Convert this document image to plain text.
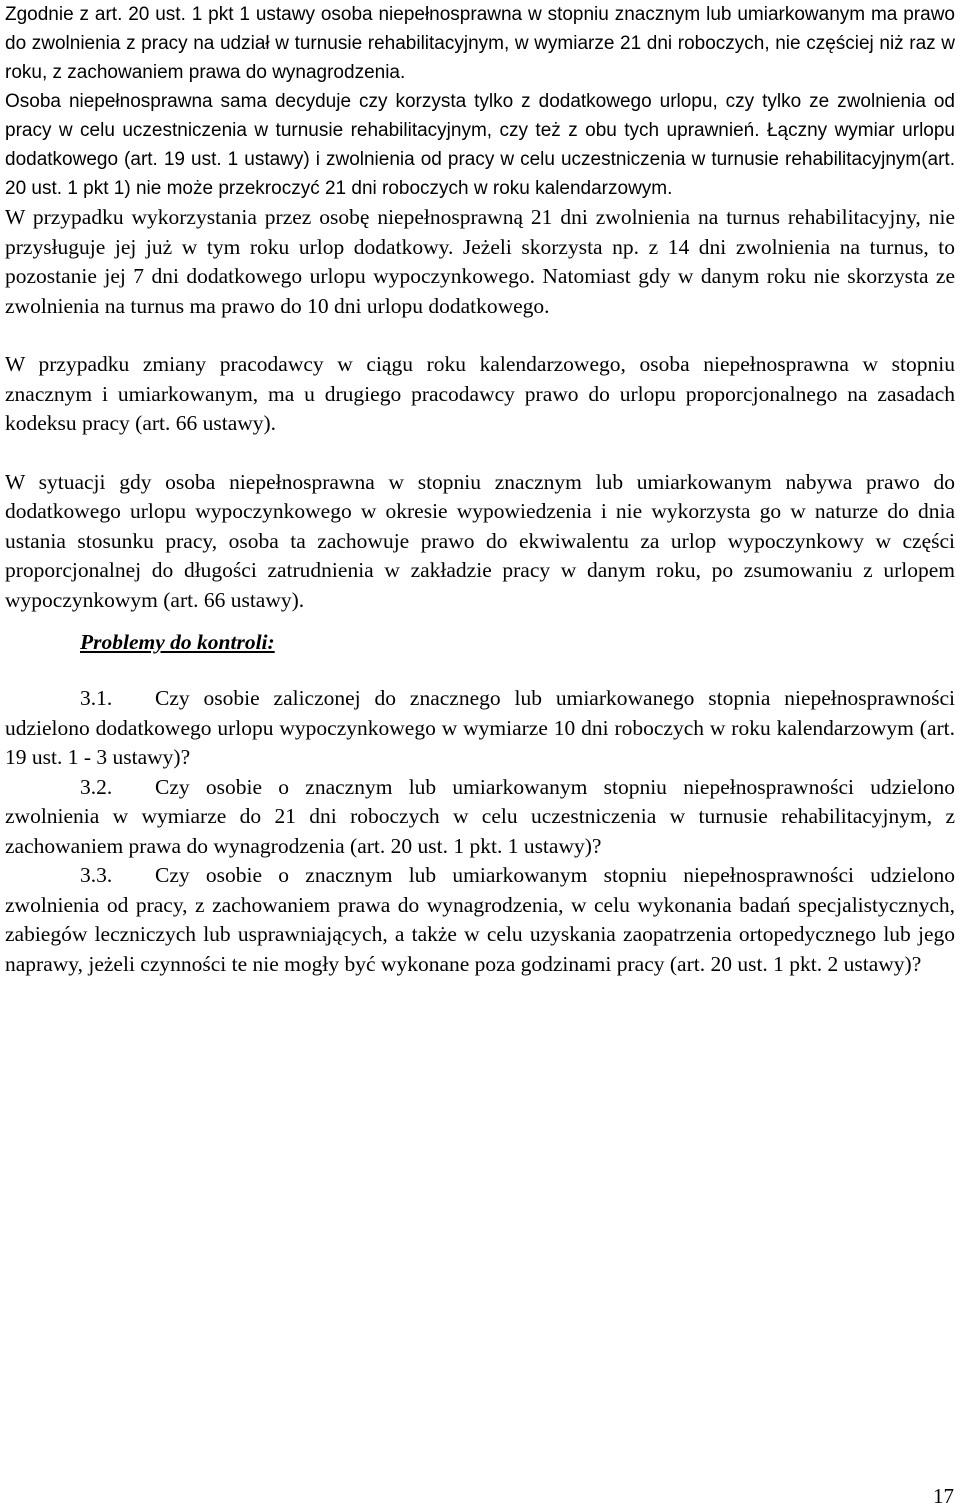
Zgodnie z art. 20 ust. 1 pkt 1 ustawy osoba niepełnosprawna w stopniu znacznym lub umiarkowanym ma prawo do zwolnienia z pracy na udział w turnusie rehabilitacyjnym, w wymiarze 21 dni roboczych, nie częściej niż raz w roku, z zachowaniem prawa do wynagrodzenia.

Osoba niepełnosprawna sama decyduje czy korzysta tylko z dodatkowego urlopu, czy tylko ze zwolnienia od pracy w celu uczestniczenia w turnusie rehabilitacyjnym, czy też z obu tych uprawnień. Łączny wymiar urlopu dodatkowego (art. 19 ust. 1 ustawy) i zwolnienia od pracy w celu uczestniczenia w turnusie rehabilitacyjnym(art. 20 ust. 1 pkt 1) nie może przekroczyć 21 dni roboczych w roku kalendarzowym.

W przypadku wykorzystania przez osobę niepełnosprawną 21 dni zwolnienia na turnus rehabilitacyjny, nie przysługuje jej już w tym roku urlop dodatkowy. Jeżeli skorzysta np. z 14 dni zwolnienia na turnus, to pozostanie jej 7 dni dodatkowego urlopu wypoczynkowego. Natomiast gdy w danym roku nie skorzysta ze zwolnienia na turnus ma prawo do 10 dni urlopu dodatkowego.

W przypadku zmiany pracodawcy w ciągu roku kalendarzowego, osoba niepełnosprawna w stopniu znacznym i umiarkowanym, ma u drugiego pracodawcy prawo do urlopu proporcjonalnego na zasadach kodeksu pracy (art. 66 ustawy).

W sytuacji gdy osoba niepełnosprawna w stopniu znacznym lub umiarkowanym nabywa prawo do dodatkowego urlopu wypoczynkowego w okresie wypowiedzenia i nie wykorzysta go w naturze do dnia ustania stosunku pracy, osoba ta zachowuje prawo do ekwiwalentu za urlop wypoczynkowy w części proporcjonalnej do długości zatrudnienia w zakładzie pracy w danym roku, po zsumowaniu z urlopem wypoczynkowym (art. 66 ustawy).

Problemy do kontroli:

3.1. Czy osobie zaliczonej do znacznego lub umiarkowanego stopnia niepełnosprawności udzielono dodatkowego urlopu wypoczynkowego w wymiarze 10 dni roboczych w roku kalendarzowym (art. 19 ust. 1 - 3 ustawy)?

3.2. Czy osobie o znacznym lub umiarkowanym stopniu niepełnosprawności udzielono zwolnienia w wymiarze do 21 dni roboczych w celu uczestniczenia w turnusie rehabilitacyjnym, z zachowaniem prawa do wynagrodzenia (art. 20 ust. 1 pkt. 1 ustawy)?

3.3. Czy osobie o znacznym lub umiarkowanym stopniu niepełnosprawności udzielono zwolnienia od pracy, z zachowaniem prawa do wynagrodzenia, w celu wykonania badań specjalistycznych, zabiegów leczniczych lub usprawniających, a także w celu uzyskania zaopatrzenia ortopedycznego lub jego naprawy, jeżeli czynności te nie mogły być wykonane poza godzinami pracy (art. 20 ust. 1 pkt. 2 ustawy)?

17
